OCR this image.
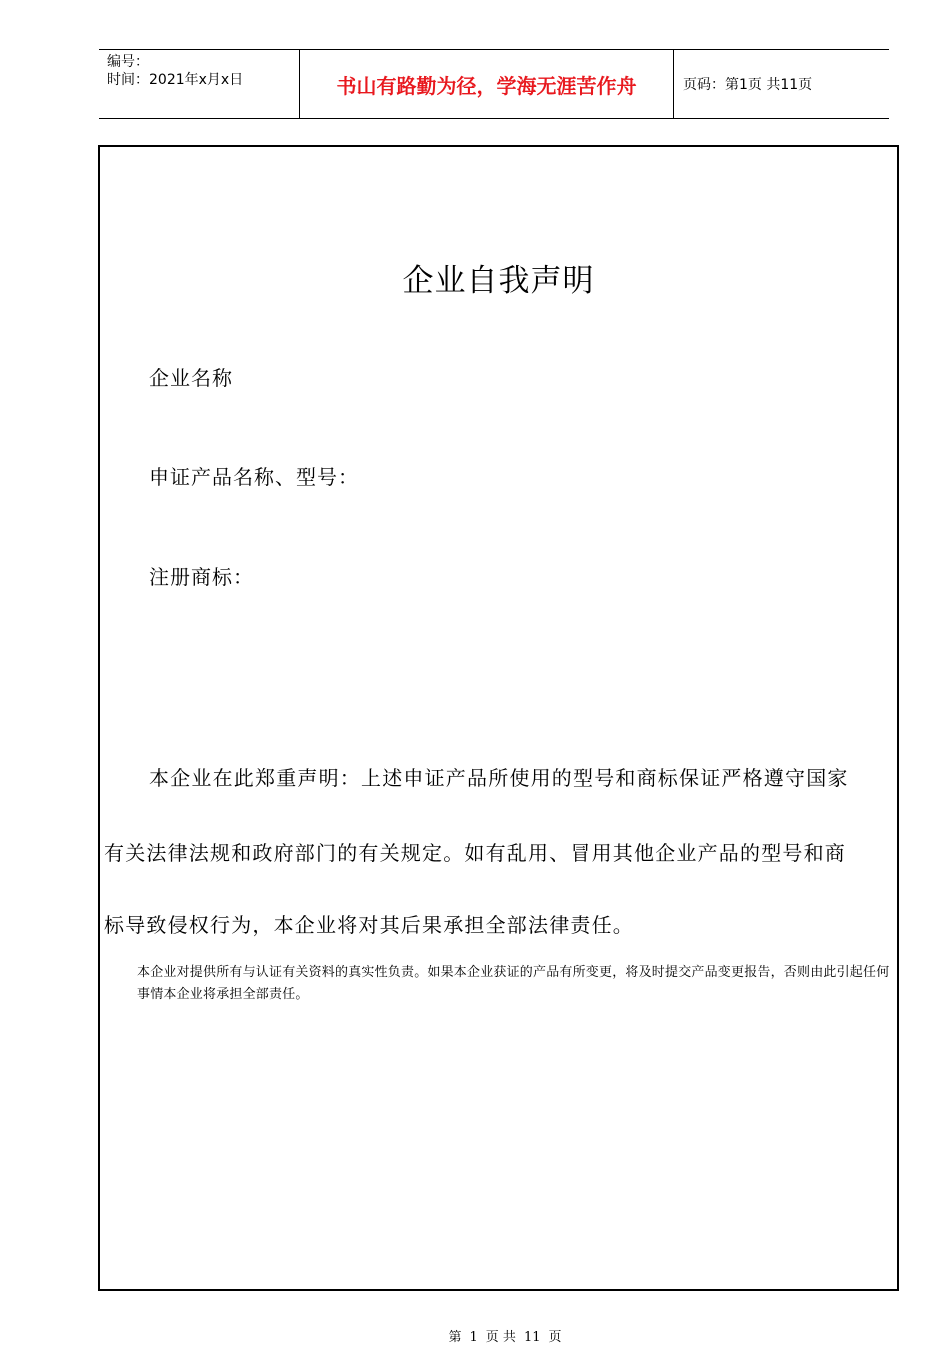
编号：
时间：2021年x月x日	书山有路勤为径，学海无涯苦作舟	页码：第1页 共11页
企业自我声明
企业名称
申证产品名称、型号：
注册商标：
本企业在此郑重声明：上述申证产品所使用的型号和商标保证严格遵守国家
有关法律法规和政府部门的有关规定。如有乱用、冒用其他企业产品的型号和商
标导致侵权行为，本企业将对其后果承担全部法律责任。
本企业对提供所有与认证有关资料的真实性负责。如果本企业获证的产品有所变更，将及时提交产品变更报告，否则由此引起任何事情本企业将承担全部责任。
第 1 页 共 11 页
